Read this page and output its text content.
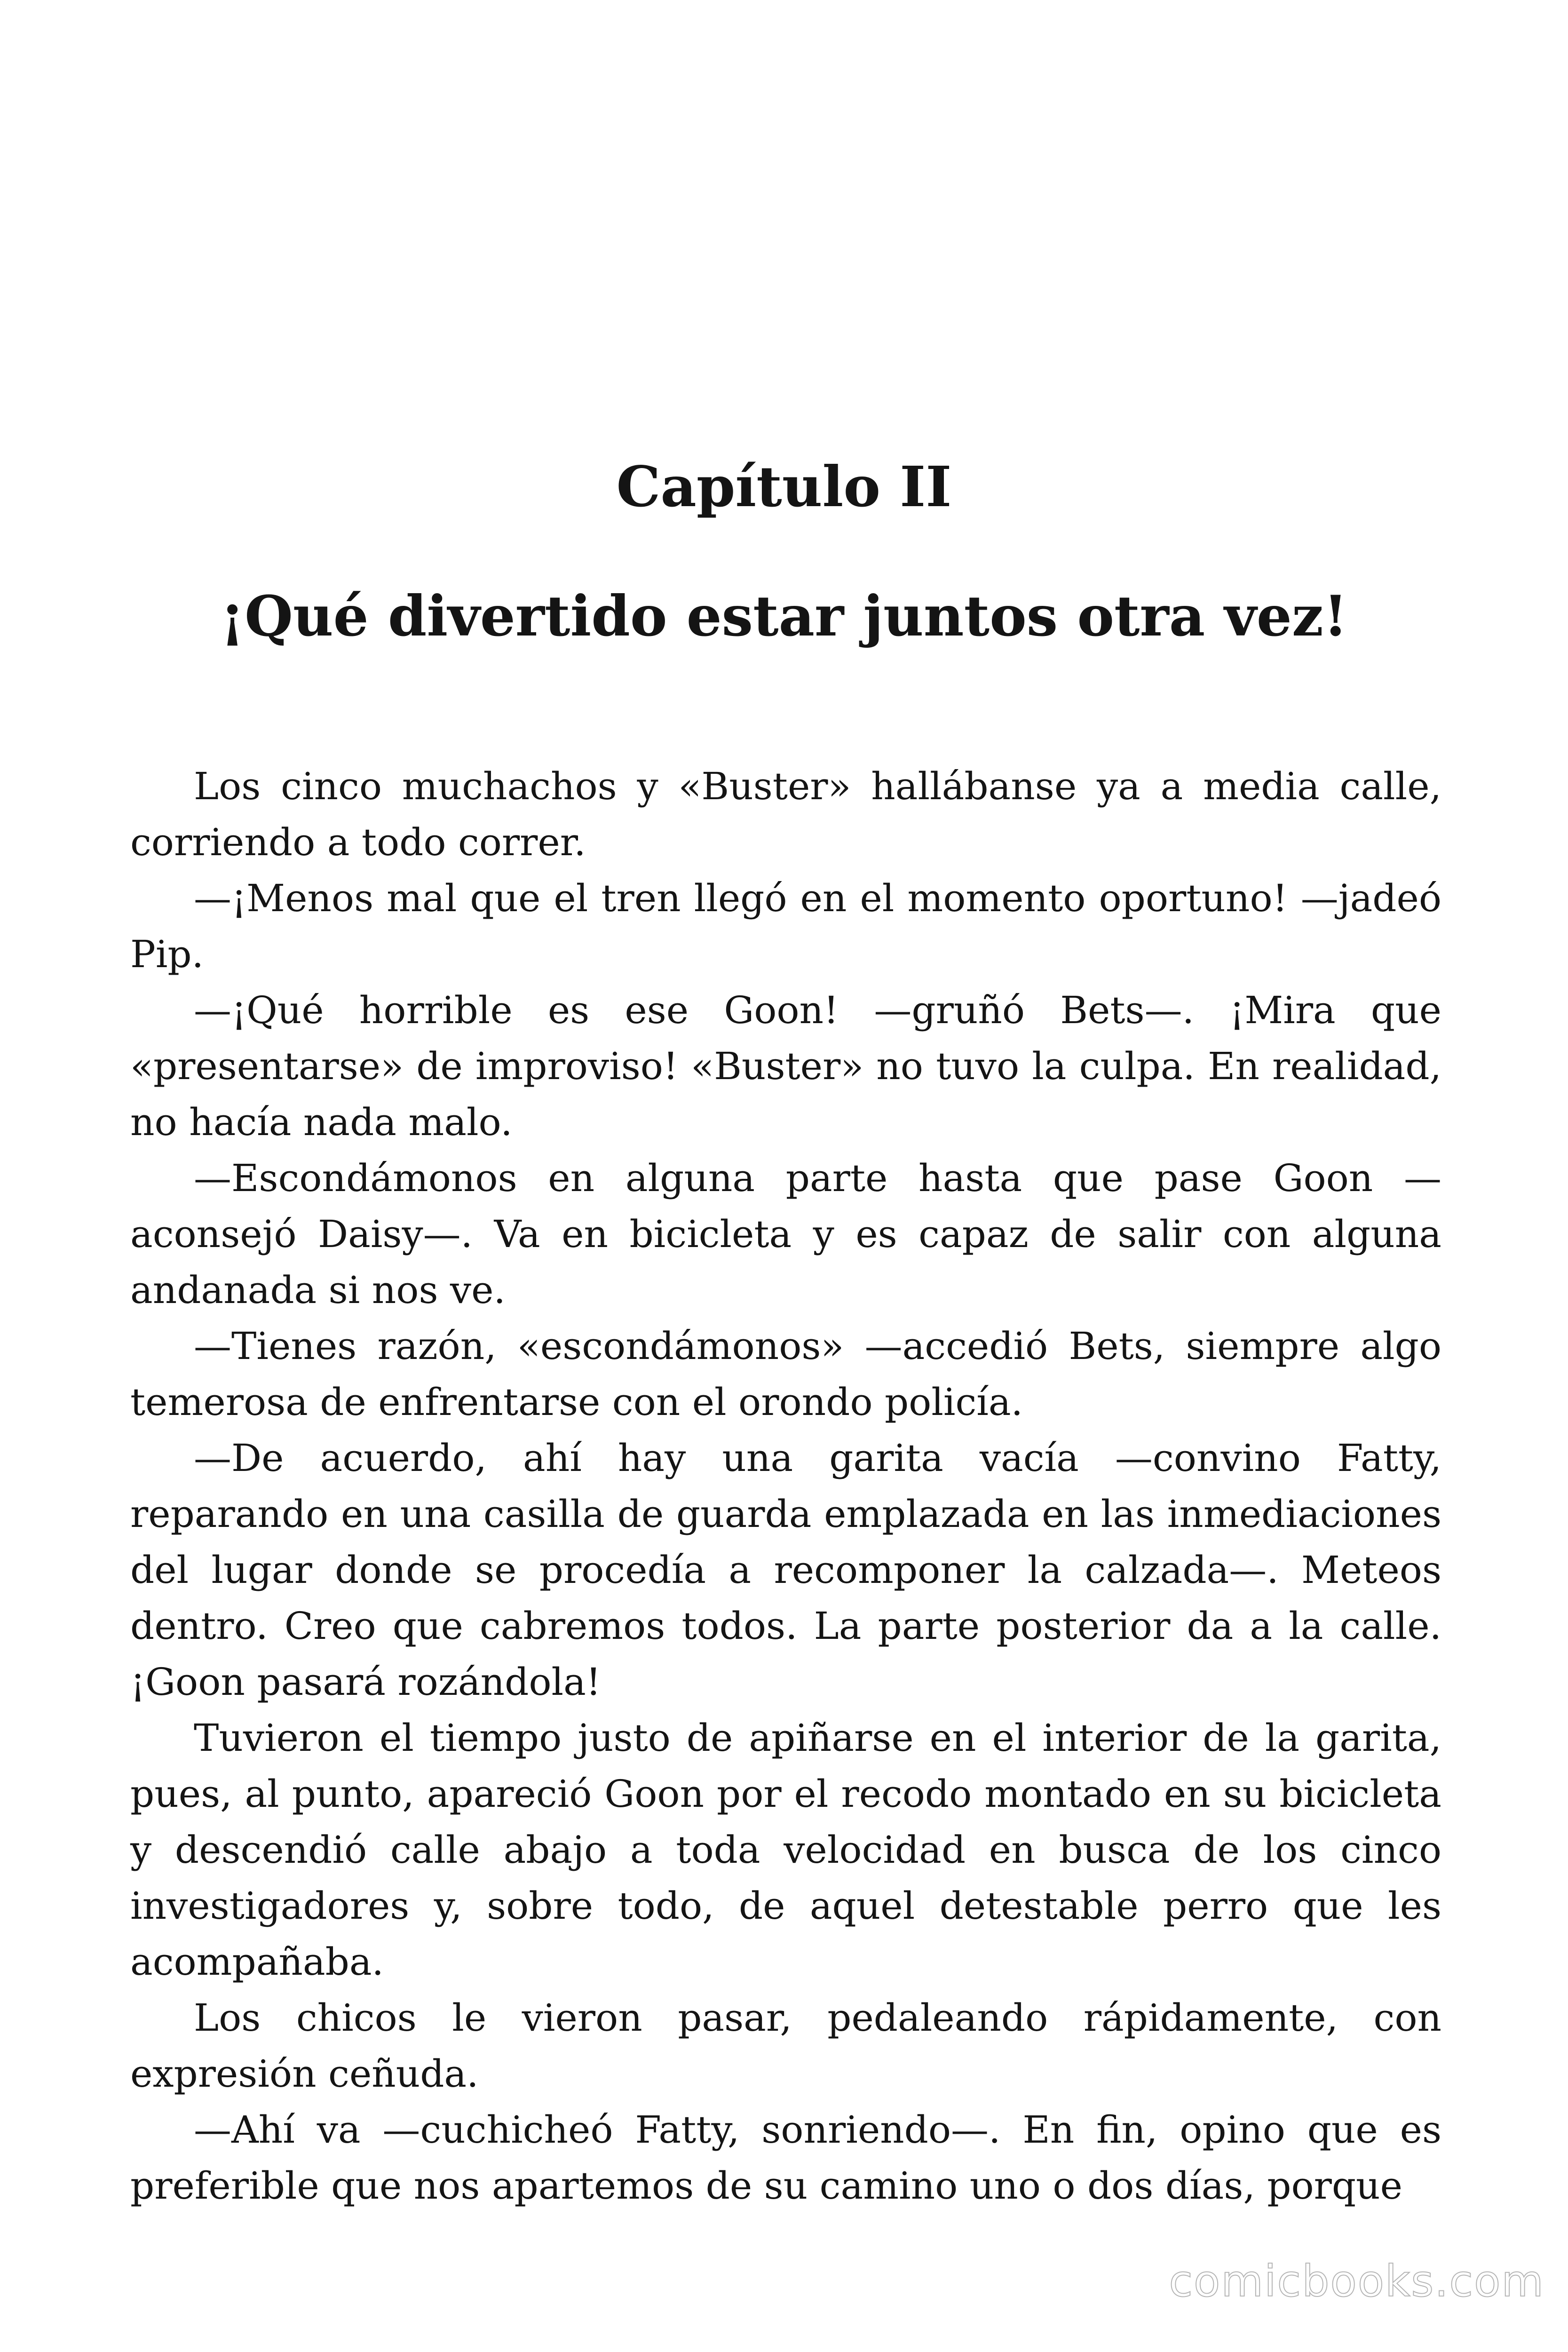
Capítulo II
¡Qué divertido estar juntos otra vez!

Los cinco muchachos y «Buster» hallábanse ya a media calle, corriendo a todo correr.

—¡Menos mal que el tren llegó en el momento oportuno! —jadeó Pip.

—¡Qué horrible es ese Goon! —gruñó Bets—. ¡Mira que «presentarse» de improviso! «Buster» no tuvo la culpa. En realidad, no hacía nada malo.

—Escondámonos en alguna parte hasta que pase Goon —aconsejó Daisy—. Va en bicicleta y es capaz de salir con alguna andanada si nos ve.

—Tienes razón, «escondámonos» —accedió Bets, siempre algo temerosa de enfrentarse con el orondo policía.

—De acuerdo, ahí hay una garita vacía —convino Fatty, reparando en una casilla de guarda emplazada en las inmediaciones del lugar donde se procedía a recomponer la calzada—. Meteos dentro. Creo que cabremos todos. La parte posterior da a la calle. ¡Goon pasará rozándola!

Tuvieron el tiempo justo de apiñarse en el interior de la garita, pues, al punto, apareció Goon por el recodo montado en su bicicleta y descendió calle abajo a toda velocidad en busca de los cinco investigadores y, sobre todo, de aquel detestable perro que les acompañaba.

Los chicos le vieron pasar, pedaleando rápidamente, con expresión ceñuda.

—Ahí va —cuchicheó Fatty, sonriendo—. En fin, opino que es preferible que nos apartemos de su camino uno o dos días, porque

comicbooks.com
